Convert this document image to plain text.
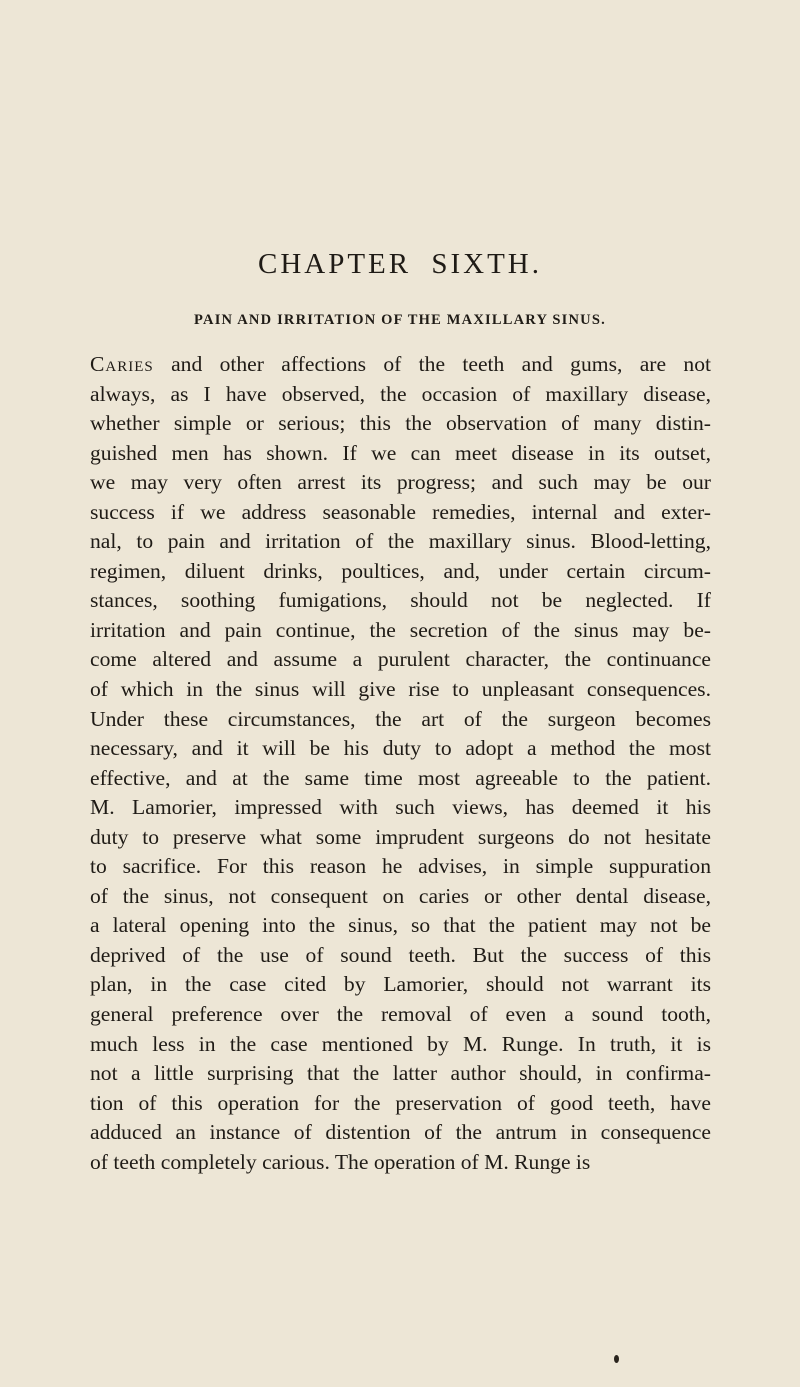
CHAPTER SIXTH.
PAIN AND IRRITATION OF THE MAXILLARY SINUS.
Caries and other affections of the teeth and gums, are not
always, as I have observed, the occasion of maxillary disease,
whether simple or serious; this the observation of many distin-
guished men has shown. If we can meet disease in its outset,
we may very often arrest its progress; and such may be our
success if we address seasonable remedies, internal and exter-
nal, to pain and irritation of the maxillary sinus. Blood-letting,
regimen, diluent drinks, poultices, and, under certain circum-
stances, soothing fumigations, should not be neglected. If
irritation and pain continue, the secretion of the sinus may be-
come altered and assume a purulent character, the continuance
of which in the sinus will give rise to unpleasant consequences.
Under these circumstances, the art of the surgeon becomes
necessary, and it will be his duty to adopt a method the most
effective, and at the same time most agreeable to the patient.
M. Lamorier, impressed with such views, has deemed it his
duty to preserve what some imprudent surgeons do not hesitate
to sacrifice. For this reason he advises, in simple suppuration
of the sinus, not consequent on caries or other dental disease,
a lateral opening into the sinus, so that the patient may not be
deprived of the use of sound teeth. But the success of this
plan, in the case cited by Lamorier, should not warrant its
general preference over the removal of even a sound tooth,
much less in the case mentioned by M. Runge. In truth, it is
not a little surprising that the latter author should, in confirma-
tion of this operation for the preservation of good teeth, have
adduced an instance of distention of the antrum in consequence
of teeth completely carious. The operation of M. Runge is
